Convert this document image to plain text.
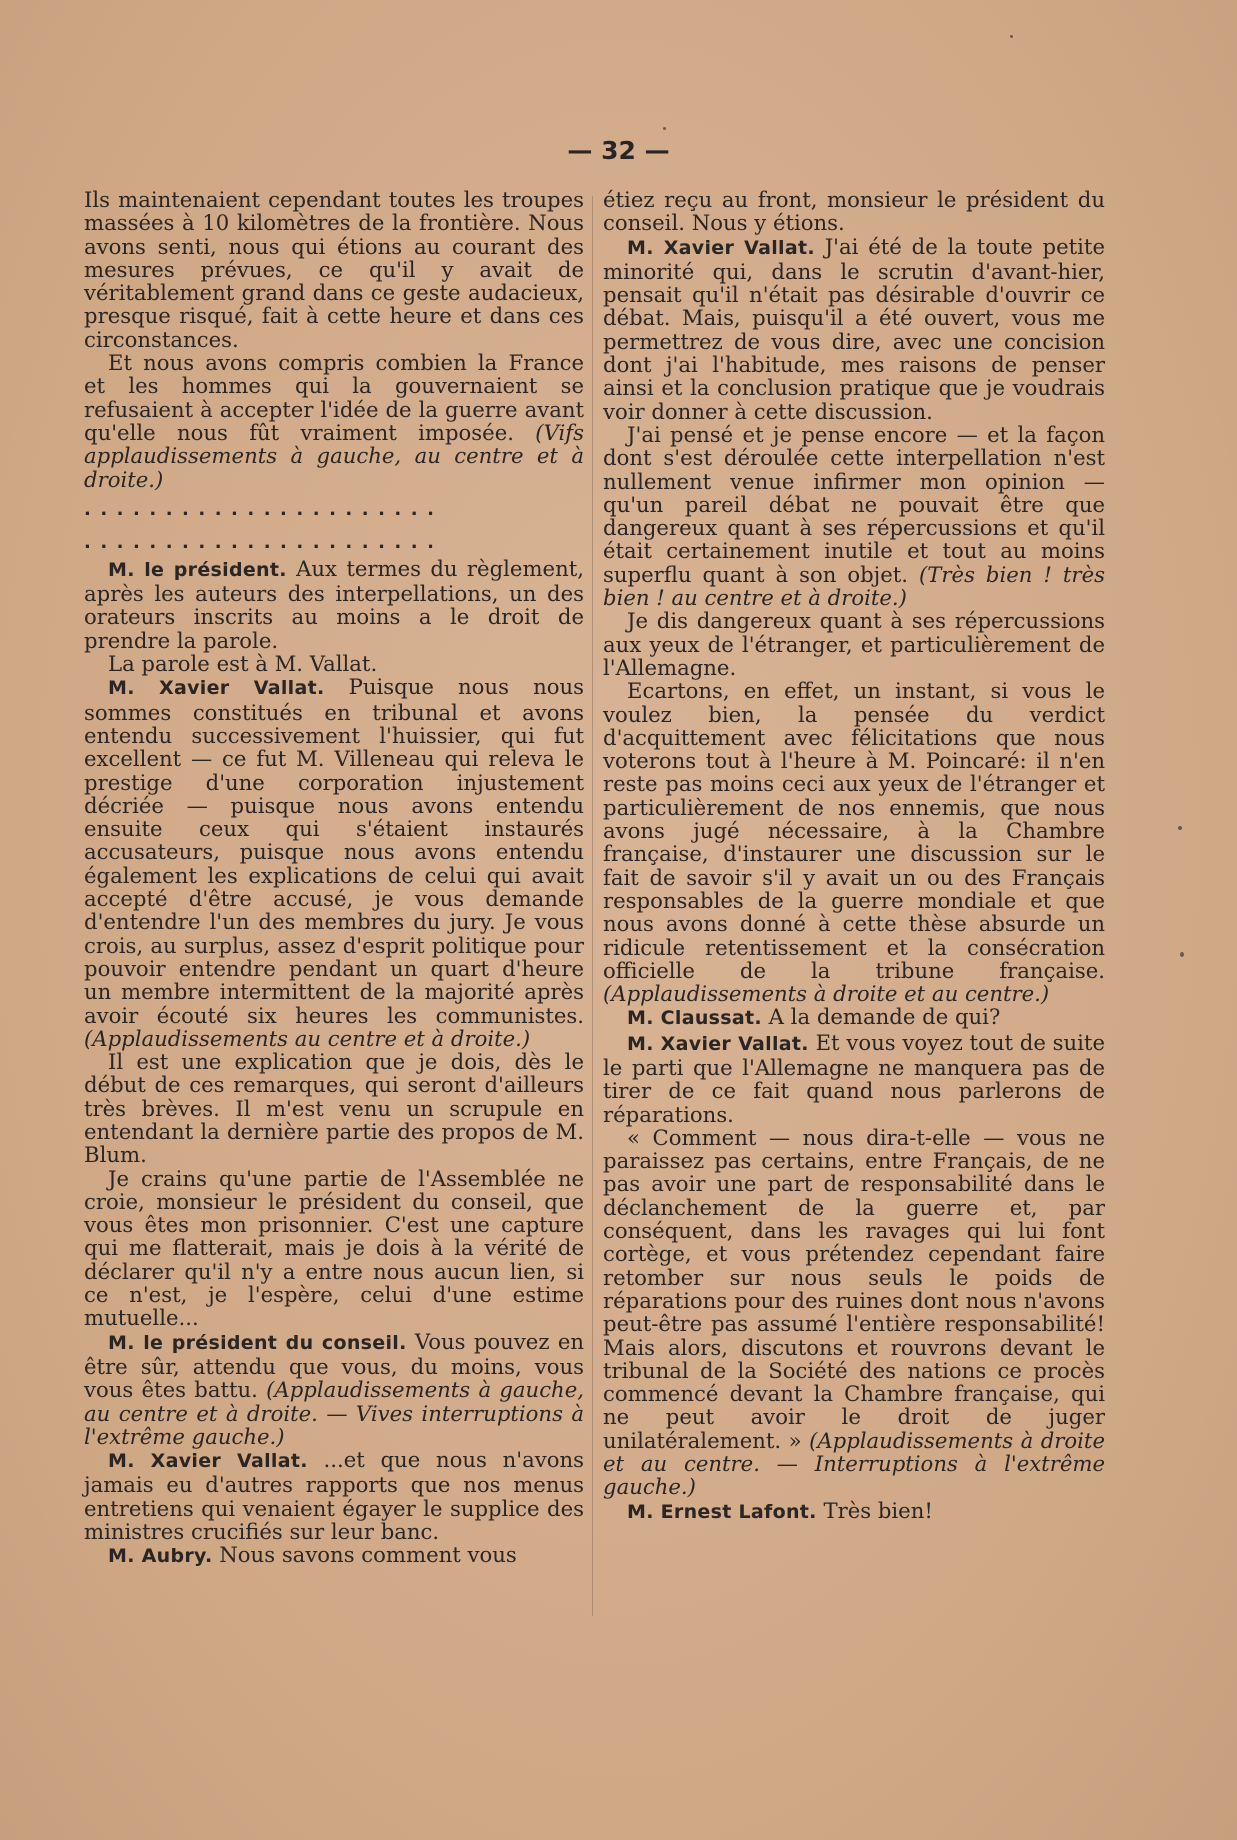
— 32 —

Ils maintenaient cependant toutes les troupes massées à 10 kilomètres de la frontière. Nous avons senti, nous qui étions au courant des mesures prévues, ce qu'il y avait de véritablement grand dans ce geste audacieux, presque risqué, fait à cette heure et dans ces circonstances.

Et nous avons compris combien la France et les hommes qui la gouvernaient se refusaient à accepter l'idée de la guerre avant qu'elle nous fût vraiment imposée. (Vifs applaudissements à gauche, au centre et à droite.)

......................
......................

M. le président. Aux termes du règlement, après les auteurs des interpellations, un des orateurs inscrits au moins a le droit de prendre la parole.

La parole est à M. Vallat.

M. Xavier Vallat. Puisque nous nous sommes constitués en tribunal et avons entendu successivement l'huissier, qui fut excellent — ce fut M. Villeneau qui releva le prestige d'une corporation injustement décriée — puisque nous avons entendu ensuite ceux qui s'étaient instaurés accusateurs, puisque nous avons entendu également les explications de celui qui avait accepté d'être accusé, je vous demande d'entendre l'un des membres du jury. Je vous crois, au surplus, assez d'esprit politique pour pouvoir entendre pendant un quart d'heure un membre intermittent de la majorité après avoir écouté six heures les communistes. (Applaudissements au centre et à droite.)

Il est une explication que je dois, dès le début de ces remarques, qui seront d'ailleurs très brèves. Il m'est venu un scrupule en entendant la dernière partie des propos de M. Blum.

Je crains qu'une partie de l'Assemblée ne croie, monsieur le président du conseil, que vous êtes mon prisonnier. C'est une capture qui me flatterait, mais je dois à la vérité de déclarer qu'il n'y a entre nous aucun lien, si ce n'est, je l'espère, celui d'une estime mutuelle...

M. le président du conseil. Vous pouvez en être sûr, attendu que vous, du moins, vous vous êtes battu. (Applaudissements à gauche, au centre et à droite. — Vives interruptions à l'extrême gauche.)

M. Xavier Vallat. ...et que nous n'avons jamais eu d'autres rapports que nos menus entretiens qui venaient égayer le supplice des ministres crucifiés sur leur banc.

M. Aubry. Nous savons comment vous

étiez reçu au front, monsieur le président du conseil. Nous y étions.

M. Xavier Vallat. J'ai été de la toute petite minorité qui, dans le scrutin d'avant-hier, pensait qu'il n'était pas désirable d'ouvrir ce débat. Mais, puisqu'il a été ouvert, vous me permettrez de vous dire, avec une concision dont j'ai l'habitude, mes raisons de penser ainsi et la conclusion pratique que je voudrais voir donner à cette discussion.

J'ai pensé et je pense encore — et la façon dont s'est déroulée cette interpellation n'est nullement venue infirmer mon opinion — qu'un pareil débat ne pouvait être que dangereux quant à ses répercussions et qu'il était certainement inutile et tout au moins superflu quant à son objet. (Très bien ! très bien ! au centre et à droite.)

Je dis dangereux quant à ses répercussions aux yeux de l'étranger, et particulièrement de l'Allemagne.

Ecartons, en effet, un instant, si vous le voulez bien, la pensée du verdict d'acquittement avec félicitations que nous voterons tout à l'heure à M. Poincaré: il n'en reste pas moins ceci aux yeux de l'étranger et particulièrement de nos ennemis, que nous avons jugé nécessaire, à la Chambre française, d'instaurer une discussion sur le fait de savoir s'il y avait un ou des Français responsables de la guerre mondiale et que nous avons donné à cette thèse absurde un ridicule retentissement et la consécration officielle de la tribune française. (Applaudissements à droite et au centre.)

M. Claussat. A la demande de qui?

M. Xavier Vallat. Et vous voyez tout de suite le parti que l'Allemagne ne manquera pas de tirer de ce fait quand nous parlerons de réparations.

« Comment — nous dira-t-elle — vous ne paraissez pas certains, entre Français, de ne pas avoir une part de responsabilité dans le déclanchement de la guerre et, par conséquent, dans les ravages qui lui font cortège, et vous prétendez cependant faire retomber sur nous seuls le poids de réparations pour des ruines dont nous n'avons peut-être pas assumé l'entière responsabilité! Mais alors, discutons et rouvrons devant le tribunal de la Société des nations ce procès commencé devant la Chambre française, qui ne peut avoir le droit de juger unilatéralement. » (Applaudissements à droite et au centre. — Interruptions à l'extrême gauche.)

M. Ernest Lafont. Très bien!
